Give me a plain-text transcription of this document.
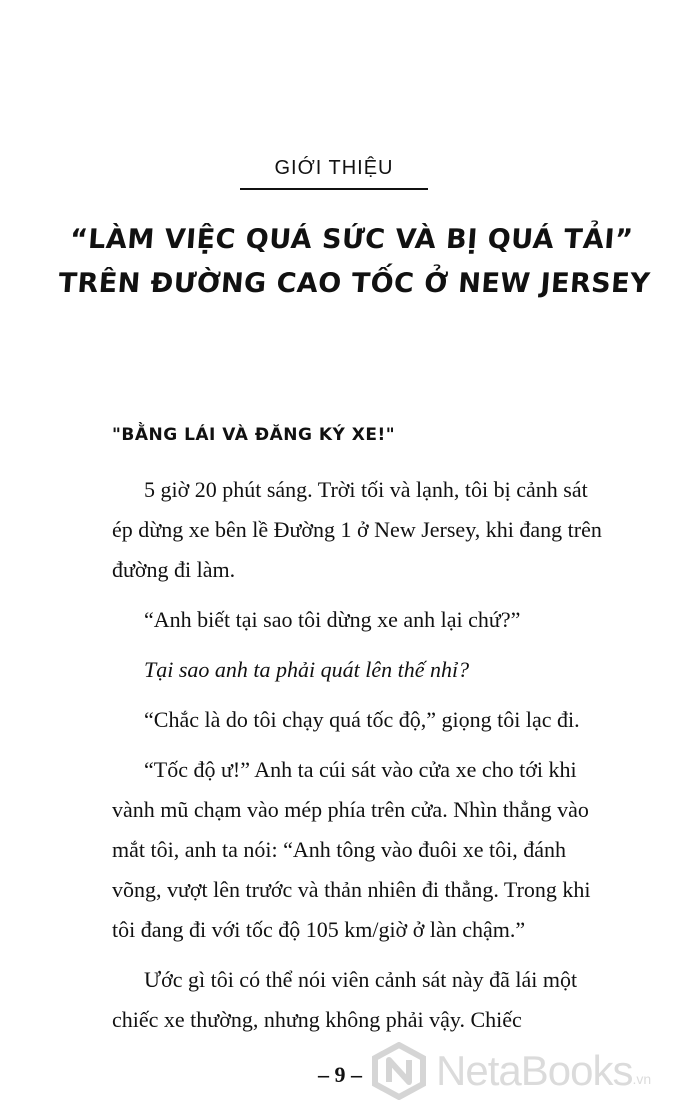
GIỚI THIỆU
“LÀM VIỆC QUÁ SỨC VÀ BỊ QUÁ TẢI”
TRÊN ĐƯỜNG CAO TỐC Ở NEW JERSEY
"BẰNG LÁI VÀ ĐĂNG KÝ XE!"

5 giờ 20 phút sáng. Trời tối và lạnh, tôi bị cảnh sát ép dừng xe bên lề Đường 1 ở New Jersey, khi đang trên đường đi làm.

“Anh biết tại sao tôi dừng xe anh lại chứ?”

Tại sao anh ta phải quát lên thế nhỉ?

“Chắc là do tôi chạy quá tốc độ,” giọng tôi lạc đi.

“Tốc độ ư!” Anh ta cúi sát vào cửa xe cho tới khi vành mũ chạm vào mép phía trên cửa. Nhìn thẳng vào mắt tôi, anh ta nói: “Anh tông vào đuôi xe tôi, đánh võng, vượt lên trước và thản nhiên đi thẳng. Trong khi tôi đang đi với tốc độ 105 km/giờ ở làn chậm.”

Ước gì tôi có thể nói viên cảnh sát này đã lái một chiếc xe thường, nhưng không phải vậy. Chiếc

– 9 –	NetaBooks .vn
